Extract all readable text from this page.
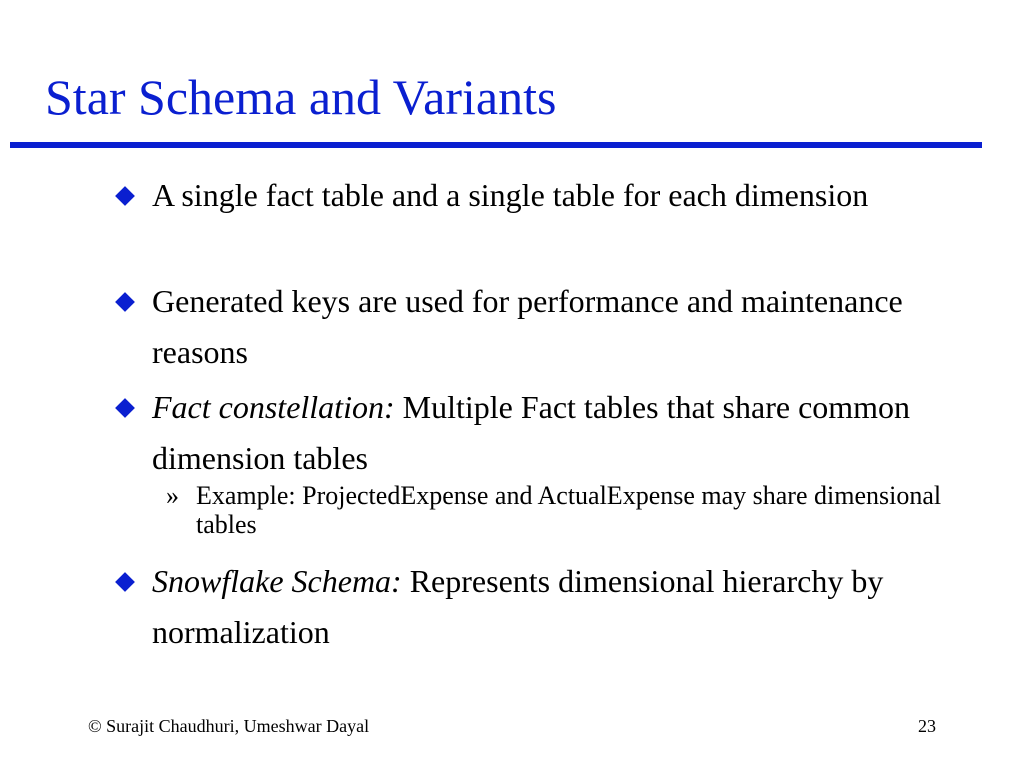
Star Schema and Variants
A single fact table and a single table for each dimension
Generated keys are used for performance and maintenance reasons
Fact constellation: Multiple Fact tables that share common dimension tables
» Example: ProjectedExpense and ActualExpense may share dimensional tables
Snowflake Schema: Represents dimensional hierarchy by normalization
© Surajit Chaudhuri, Umeshwar Dayal	23
